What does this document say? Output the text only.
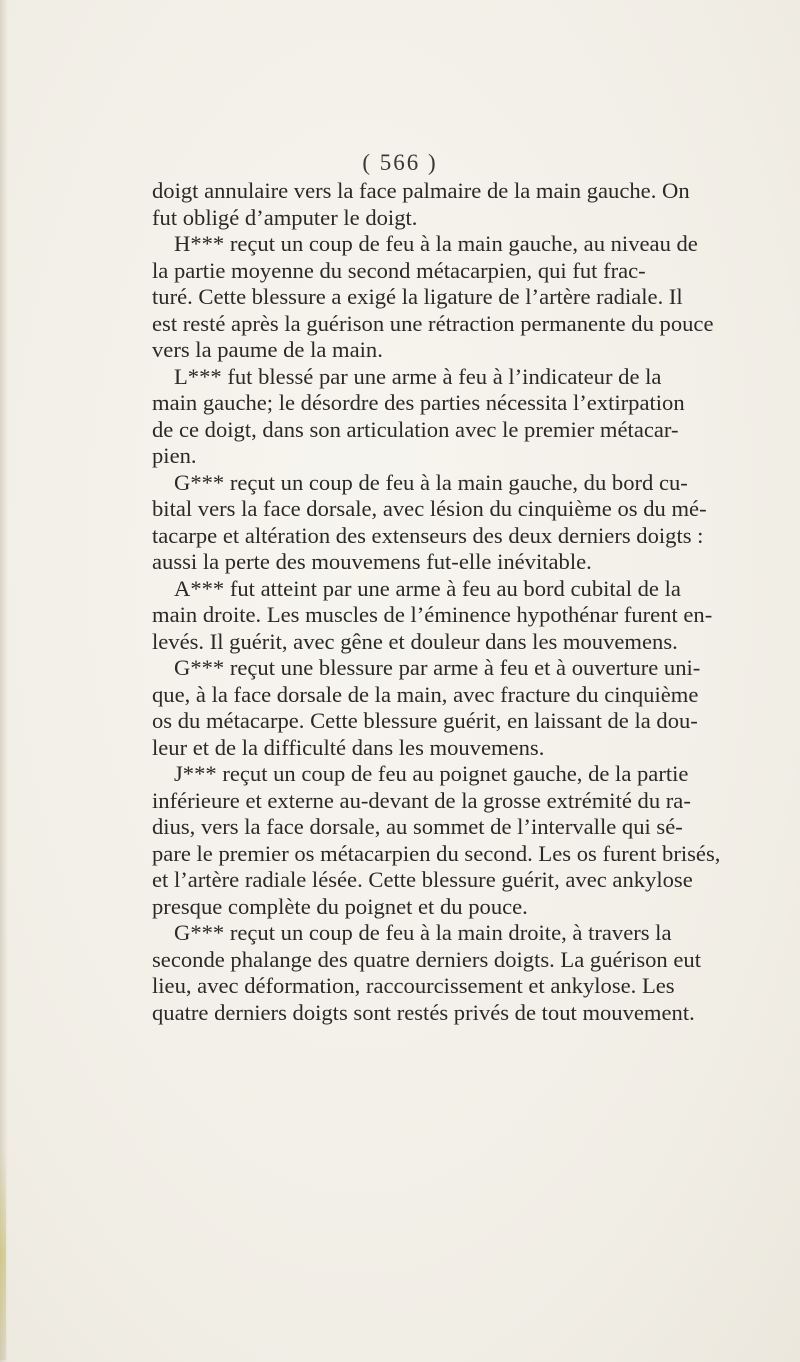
( 566 )
doigt annulaire vers la face palmaire de la main gauche. On
fut obligé d’amputer le doigt.
H*** reçut un coup de feu à la main gauche, au niveau de
la partie moyenne du second métacarpien, qui fut frac-
turé. Cette blessure a exigé la ligature de l’artère radiale. Il
est resté après la guérison une rétraction permanente du pouce
vers la paume de la main.
L*** fut blessé par une arme à feu à l’indicateur de la
main gauche; le désordre des parties nécessita l’extirpation
de ce doigt, dans son articulation avec le premier métacar-
pien.
G*** reçut un coup de feu à la main gauche, du bord cu-
bital vers la face dorsale, avec lésion du cinquième os du mé-
tacarpe et altération des extenseurs des deux derniers doigts :
aussi la perte des mouvemens fut-elle inévitable.
A*** fut atteint par une arme à feu au bord cubital de la
main droite. Les muscles de l’éminence hypothénar furent en-
levés. Il guérit, avec gêne et douleur dans les mouvemens.
G*** reçut une blessure par arme à feu et à ouverture uni-
que, à la face dorsale de la main, avec fracture du cinquième
os du métacarpe. Cette blessure guérit, en laissant de la dou-
leur et de la difficulté dans les mouvemens.
J*** reçut un coup de feu au poignet gauche, de la partie
inférieure et externe au-devant de la grosse extrémité du ra-
dius, vers la face dorsale, au sommet de l’intervalle qui sé-
pare le premier os métacarpien du second. Les os furent brisés,
et l’artère radiale lésée. Cette blessure guérit, avec ankylose
presque complète du poignet et du pouce.
G*** reçut un coup de feu à la main droite, à travers la
seconde phalange des quatre derniers doigts. La guérison eut
lieu, avec déformation, raccourcissement et ankylose. Les
quatre derniers doigts sont restés privés de tout mouvement.
